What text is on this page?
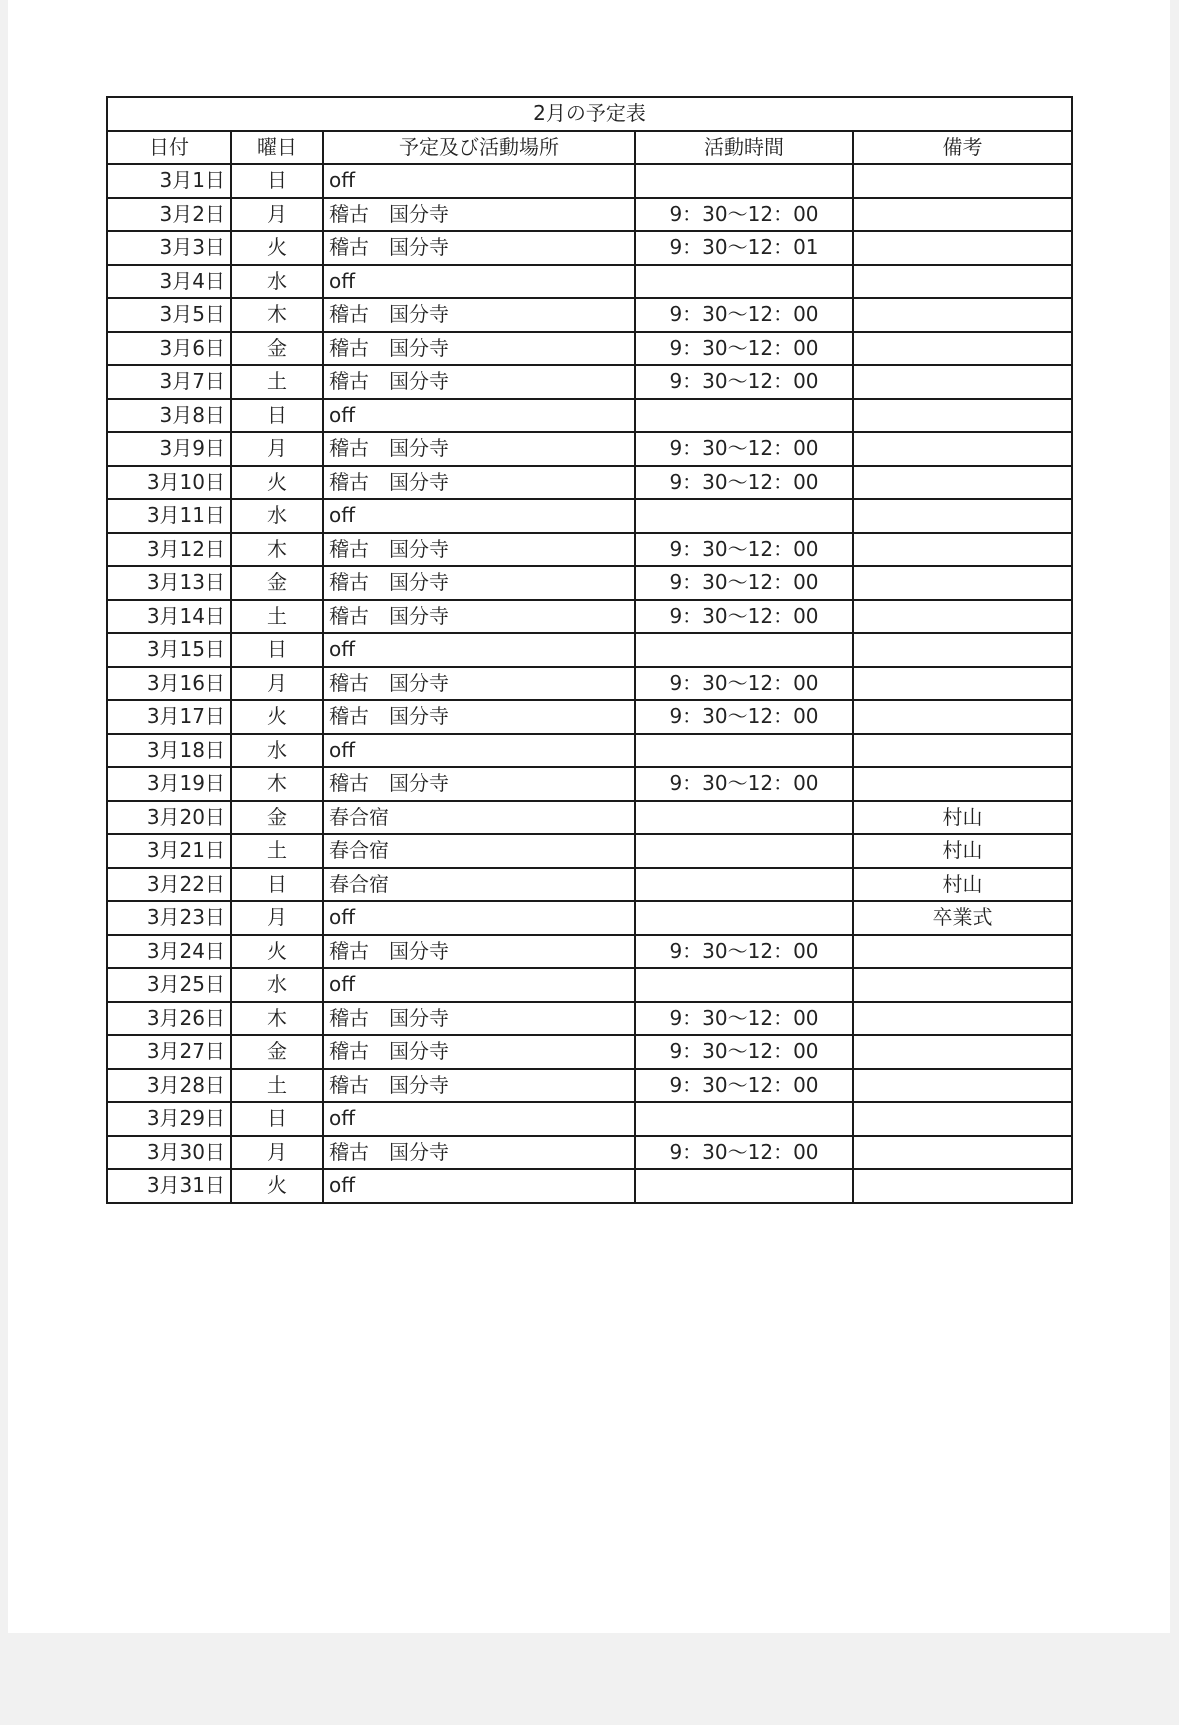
2月の予定表				
日付	曜日	予定及び活動場所	活動時間	備考
3月1日	日	off		
3月2日	月	稽古　国分寺	9：30〜12：00	
3月3日	火	稽古　国分寺	9：30〜12：01	
3月4日	水	off		
3月5日	木	稽古　国分寺	9：30〜12：00	
3月6日	金	稽古　国分寺	9：30〜12：00	
3月7日	土	稽古　国分寺	9：30〜12：00	
3月8日	日	off		
3月9日	月	稽古　国分寺	9：30〜12：00	
3月10日	火	稽古　国分寺	9：30〜12：00	
3月11日	水	off		
3月12日	木	稽古　国分寺	9：30〜12：00	
3月13日	金	稽古　国分寺	9：30〜12：00	
3月14日	土	稽古　国分寺	9：30〜12：00	
3月15日	日	off		
3月16日	月	稽古　国分寺	9：30〜12：00	
3月17日	火	稽古　国分寺	9：30〜12：00	
3月18日	水	off		
3月19日	木	稽古　国分寺	9：30〜12：00	
3月20日	金	春合宿		村山
3月21日	土	春合宿		村山
3月22日	日	春合宿		村山
3月23日	月	off		卒業式
3月24日	火	稽古　国分寺	9：30〜12：00	
3月25日	水	off		
3月26日	木	稽古　国分寺	9：30〜12：00	
3月27日	金	稽古　国分寺	9：30〜12：00	
3月28日	土	稽古　国分寺	9：30〜12：00	
3月29日	日	off		
3月30日	月	稽古　国分寺	9：30〜12：00	
3月31日	火	off		
